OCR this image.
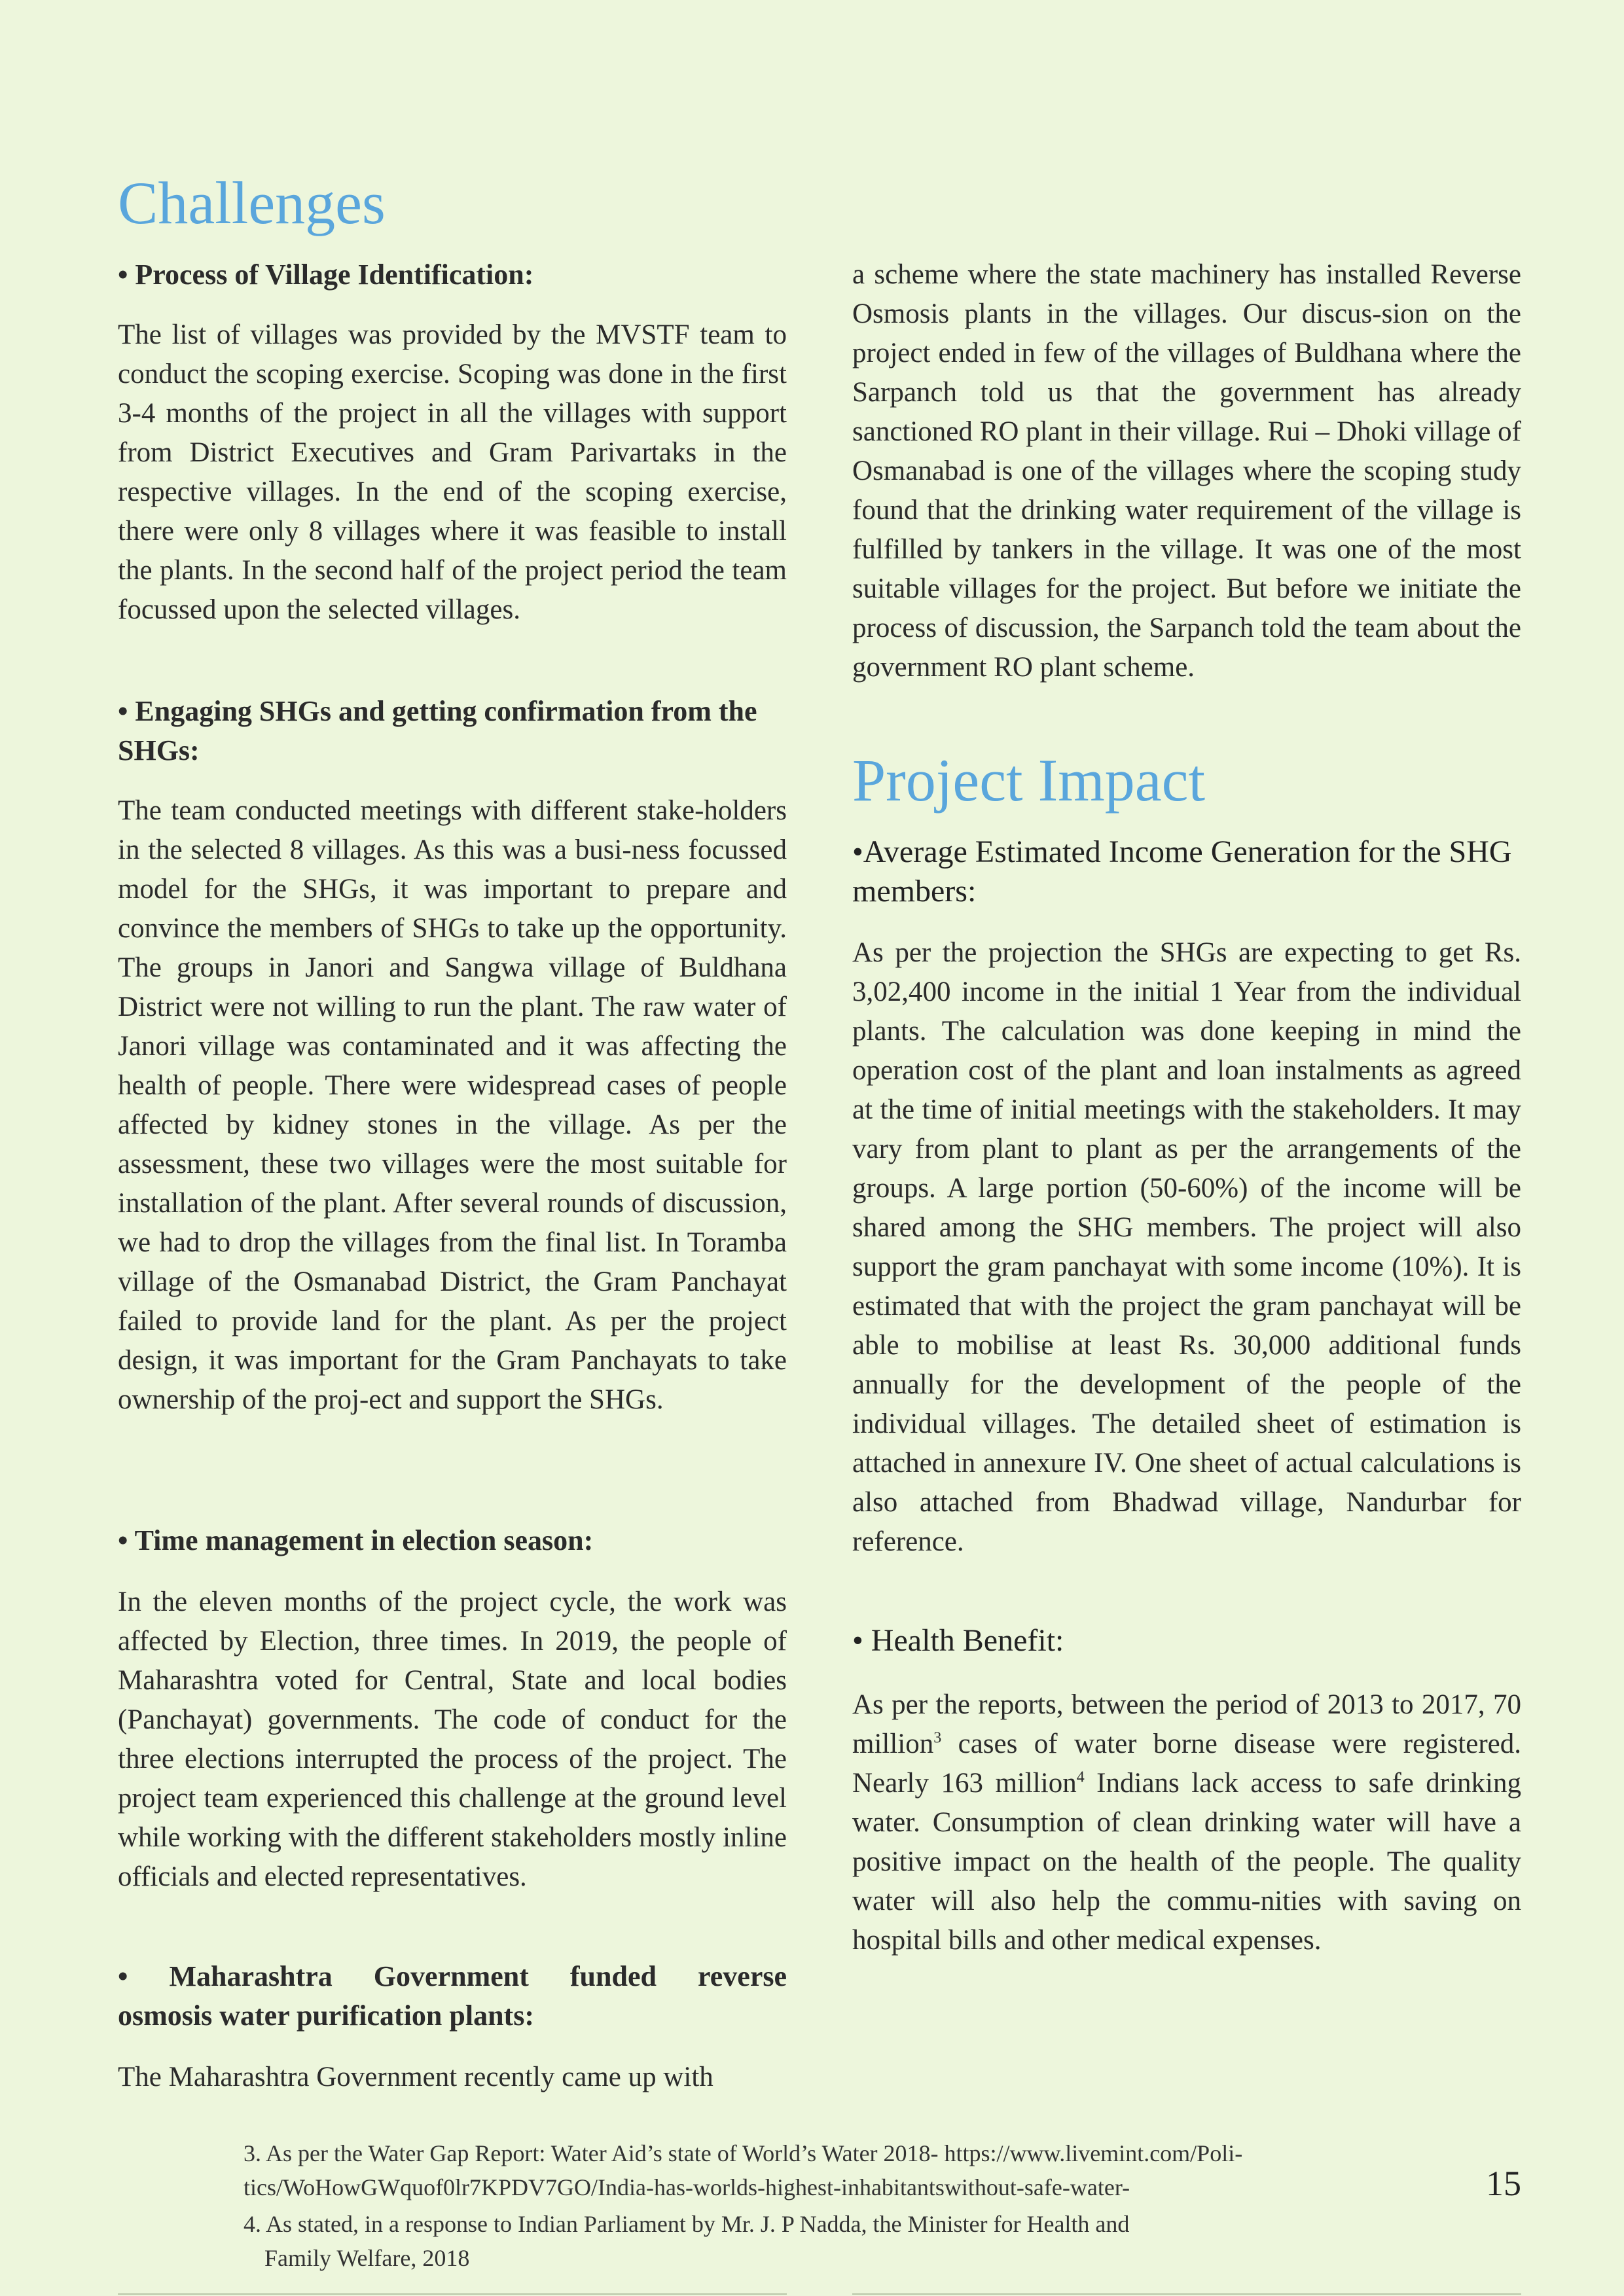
Challenges
• Process of Village Identification:

The list of villages was provided by the MVSTF team to conduct the scoping exercise. Scoping was done in the first 3-4 months of the project in all the villages with support from District Executives and Gram Parivartaks in the respective villages. In the end of the scoping exercise, there were only 8 villages where it was feasible to install the plants. In the second half of the project period the team focussed upon the selected villages.

• Engaging SHGs and getting confirmation from the SHGs:

The team conducted meetings with different stake-holders in the selected 8 villages. As this was a busi-ness focussed model for the SHGs, it was important to prepare and convince the members of SHGs to take up the opportunity. The groups in Janori and Sangwa village of Buldhana District were not willing to run the plant. The raw water of Janori village was contaminated and it was affecting the health of people. There were widespread cases of people affected by kidney stones in the village. As per the assessment, these two villages were the most suitable for installation of the plant. After several rounds of discussion, we had to drop the villages from the final list. In Toramba village of the Osmanabad District, the Gram Panchayat failed to provide land for the plant. As per the project design, it was important for the Gram Panchayats to take ownership of the proj-ect and support the SHGs.

• Time management in election season:

In the eleven months of the project cycle, the work was affected by Election, three times. In 2019, the people of Maharashtra voted for Central, State and local bodies (Panchayat) governments. The code of conduct for the three elections interrupted the process of the project. The project team experienced this challenge at the ground level while working with the different stakeholders mostly inline officials and elected representatives.

• Maharashtra Government funded reverse
osmosis water purification plants:

The Maharashtra Government recently came up with

a scheme where the state machinery has installed Reverse Osmosis plants in the villages. Our discus-sion on the project ended in few of the villages of Buldhana where the Sarpanch told us that the government has already sanctioned RO plant in their village. Rui – Dhoki village of Osmanabad is one of the villages where the scoping study found that the drinking water requirement of the village is fulfilled by tankers in the village. It was one of the most suitable villages for the project. But before we initiate the process of discussion, the Sarpanch told the team about the government RO plant scheme.

Project Impact
•Average Estimated Income Generation for the SHG members:

As per the projection the SHGs are expecting to get Rs. 3,02,400 income in the initial 1 Year from the individual plants. The calculation was done keeping in mind the operation cost of the plant and loan instalments as agreed at the time of initial meetings with the stakeholders. It may vary from plant to plant as per the arrangements of the groups. A large portion (50-60%) of the income will be shared among the SHG members. The project will also support the gram panchayat with some income (10%). It is estimated that with the project the gram panchayat will be able to mobilise at least Rs. 30,000 additional funds annually for the development of the people of the individual villages. The detailed sheet of estimation is attached in annexure IV. One sheet of actual calculations is also attached from Bhadwad village, Nandurbar for reference.

• Health Benefit:

As per the reports, between the period of 2013 to 2017, 70 million$^3$ cases of water borne disease were registered. Nearly 163 million$^4$ Indians lack access to safe drinking water. Consumption of clean drinking water will have a positive impact on the health of the people. The quality water will also help the commu-nities with saving on hospital bills and other medical expenses.

3. As per the Water Gap Report: Water Aid’s state of World’s Water 2018- https://www.livemint.com/Poli-
tics/WoHowGWquof0lr7KPDV7GO/India-has-worlds-highest-inhabitantswithout-safe-water-
4. As stated, in a response to Indian Parliament by Mr. J. P Nadda, the Minister for Health and
Family Welfare, 2018
15
